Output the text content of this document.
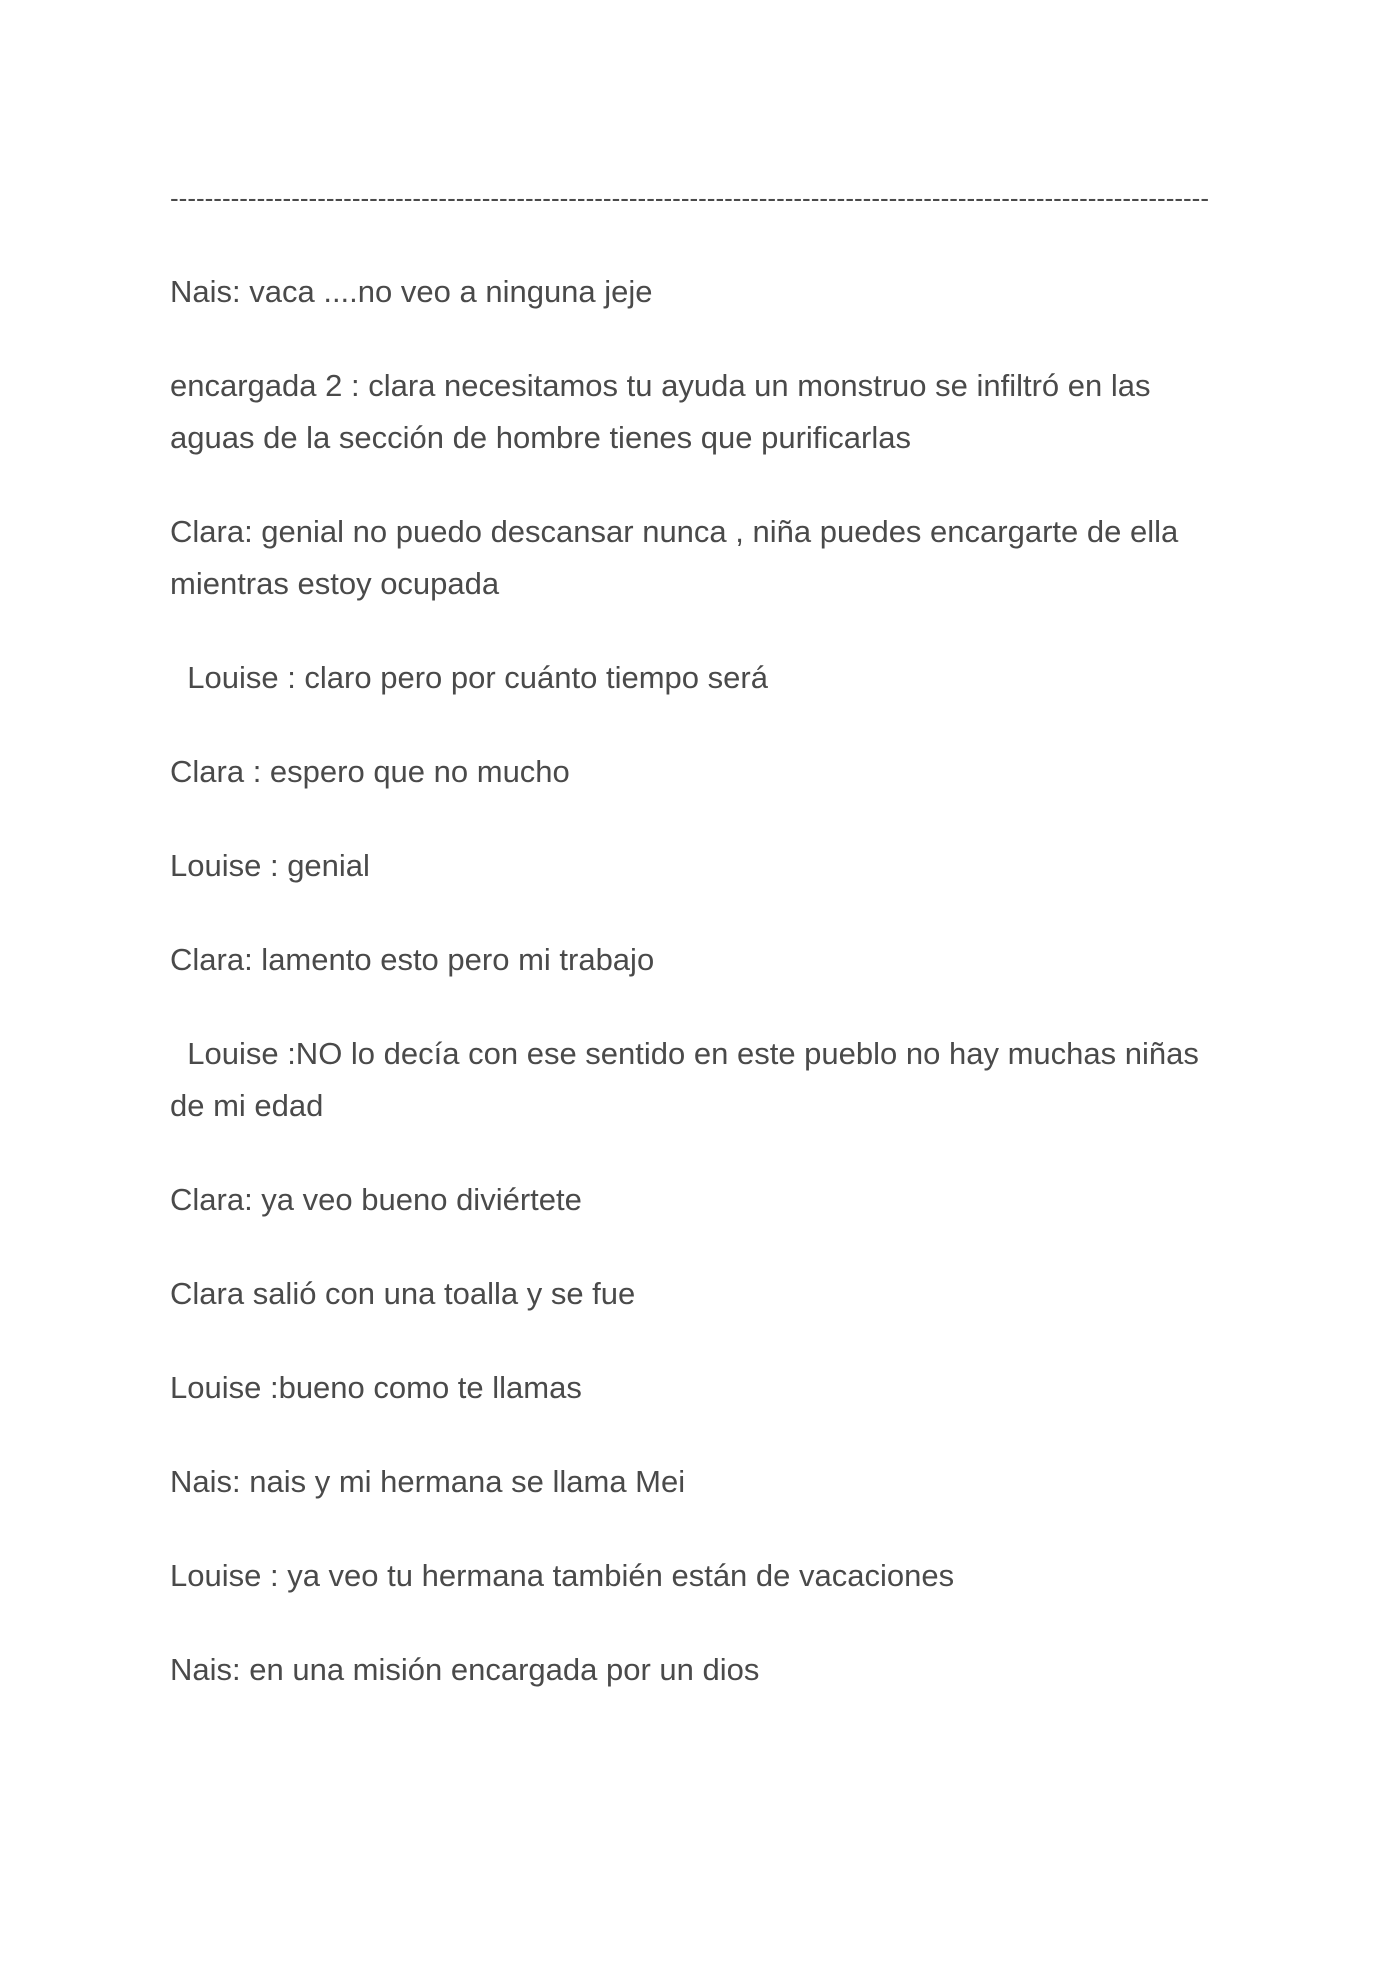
------------------------------------------------------------------------------------------------------------------------

Nais: vaca ....no veo a ninguna jeje

encargada 2 : clara necesitamos tu ayuda un monstruo se infiltró en las aguas de la sección de hombre tienes que purificarlas

Clara: genial no puedo descansar nunca , niña puedes encargarte de ella mientras estoy ocupada

Louise : claro pero por cuánto tiempo será

Clara : espero que no mucho

Louise : genial

Clara: lamento esto pero mi trabajo

Louise :NO lo decía con ese sentido en este pueblo no hay muchas niñas de mi edad

Clara: ya veo bueno diviértete

Clara salió con una toalla y se fue

Louise :bueno como te llamas

Nais: nais y mi hermana se llama Mei

Louise : ya veo tu hermana también están de vacaciones

Nais: en una misión encargada por un dios
